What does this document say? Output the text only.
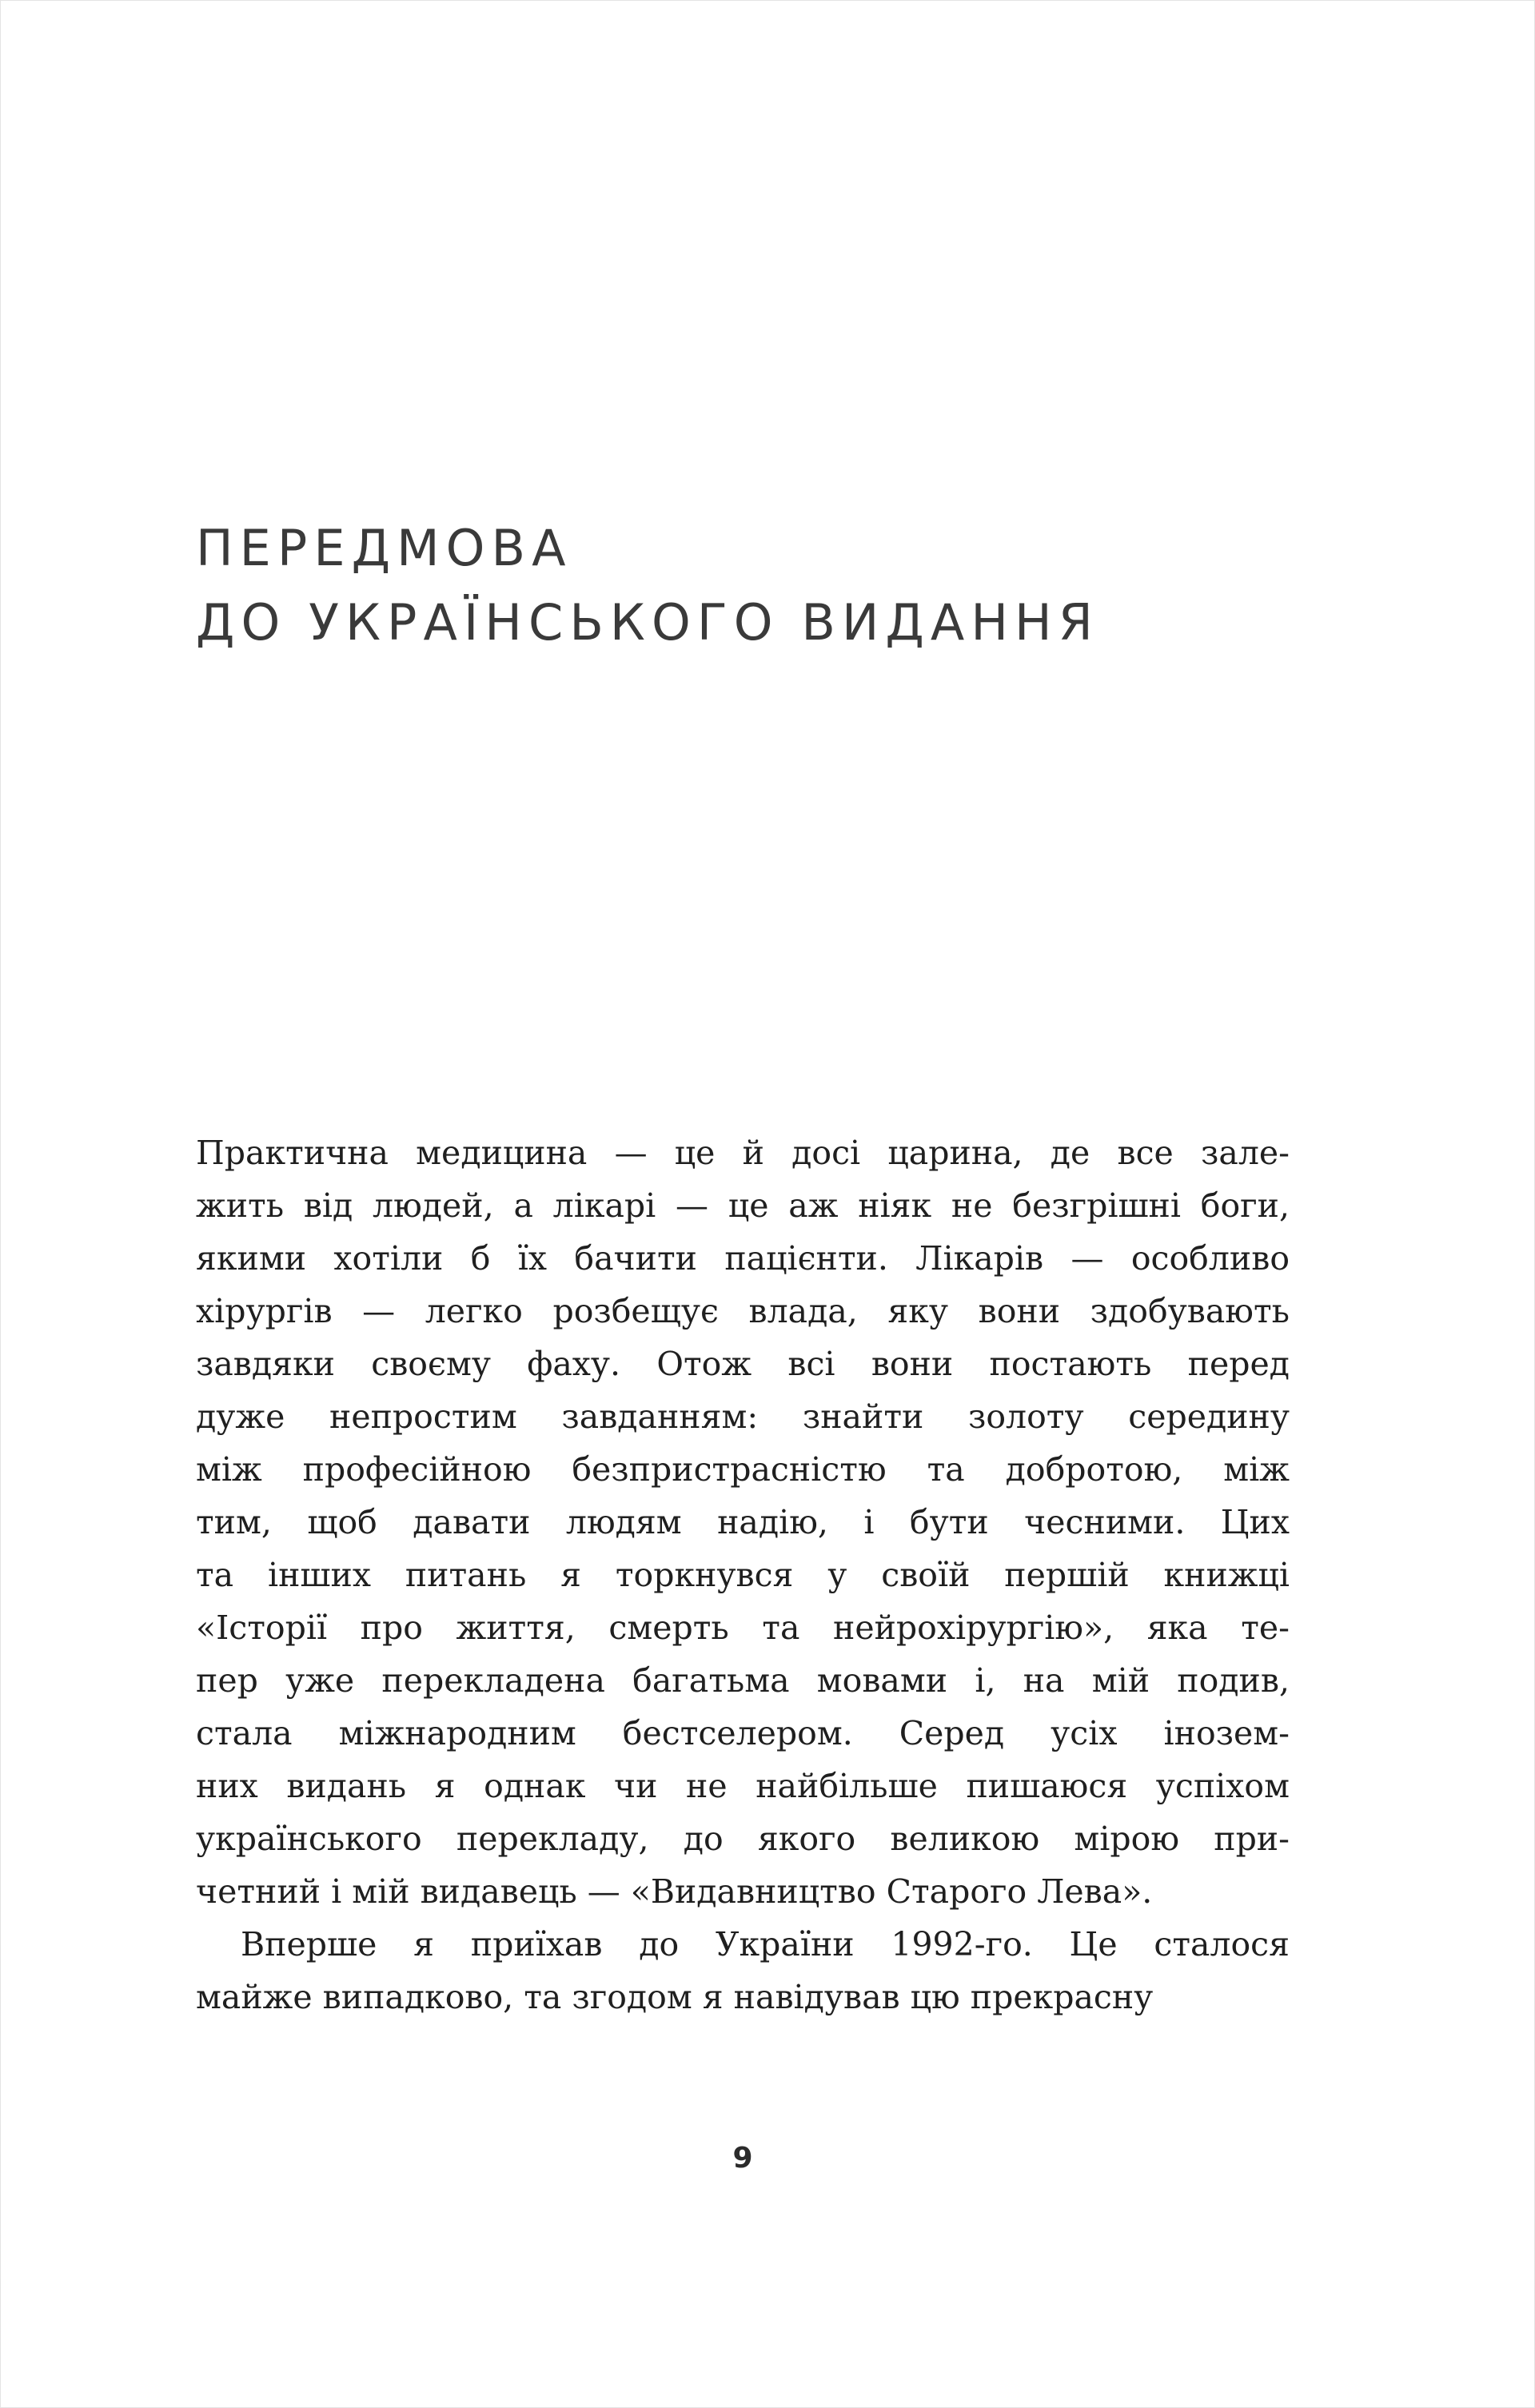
ПЕРЕДМОВА
ДО УКРАЇНСЬКОГО ВИДАННЯ
Практична медицина — це й досі царина, де все зале-
жить від людей, а лікарі — це аж ніяк не безгрішні боги,
якими хотіли б їх бачити пацієнти. Лікарів — особливо
хірургів — легко розбещує влада, яку вони здобувають
завдяки своєму фаху. Отож всі вони постають перед
дуже непростим завданням: знайти золоту середину
між професійною безпристрасністю та добротою, між
тим, щоб давати людям надію, і бути чесними. Цих
та інших питань я торкнувся у своїй першій книжці
«Історії про життя, смерть та нейрохірургію», яка те-
пер уже перекладена багатьма мовами і, на мій подив,
стала міжнародним бестселером. Серед усіх інозем-
них видань я однак чи не найбільше пишаюся успіхом
українського перекладу, до якого великою мірою при-
четний і мій видавець — «Видавництво Старого Лева».
Вперше я приїхав до України 1992-го. Це сталося
майже випадково, та згодом я навідував цю прекрасну
9
